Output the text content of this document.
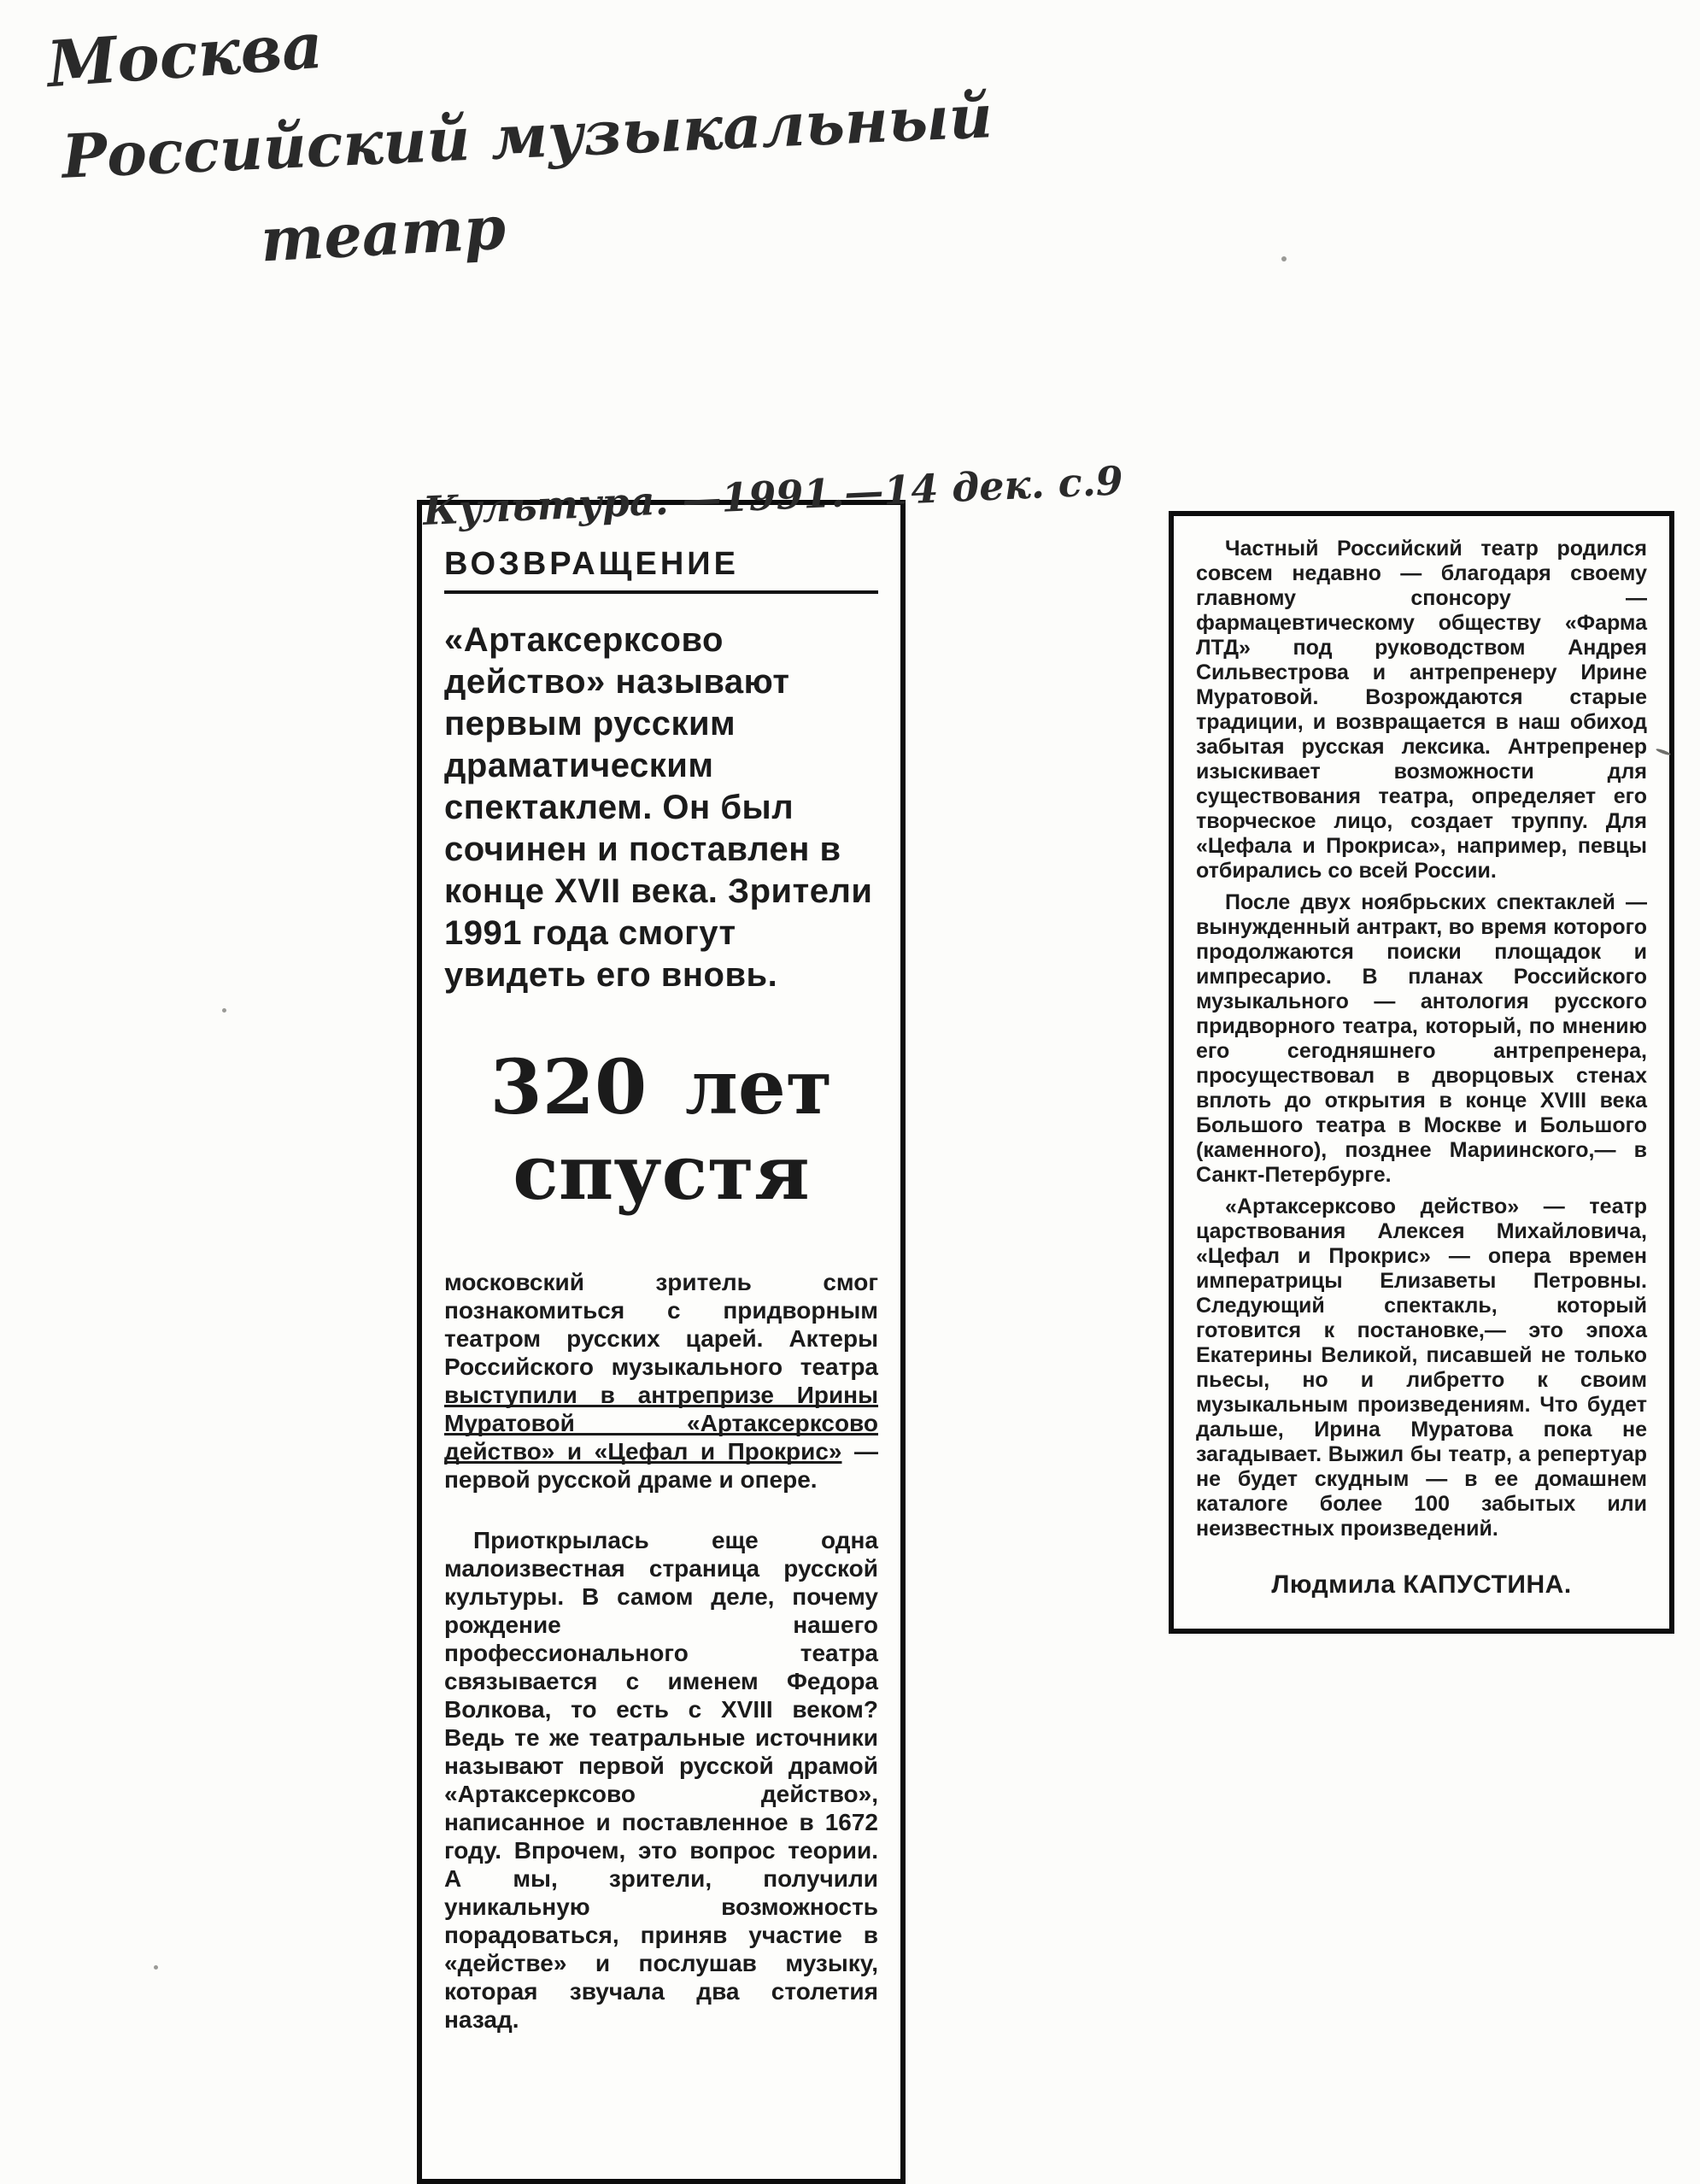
Москва
Российский музыкальный
театр
Культура. —1991.—14 дек. с.9
ВОЗВРАЩЕНИЕ

«Артаксерксово действо» называют первым русским драматическим спектаклем. Он был сочинен и поставлен в конце XVII века. Зрители 1991 года смогут увидеть его вновь.

320 лет спустя

московский зритель смог познакомиться с придворным театром русских царей. Актеры Российского музыкального театра выступили в антрепризе Ирины Муратовой «Артаксерксово действо» и «Цефал и Прокрис» — первой русской драме и опере.

Приоткрылась еще одна малоизвестная страница русской культуры. В самом деле, почему рождение нашего профессионального театра связывается с именем Федора Волкова, то есть с XVIII веком? Ведь те же театральные источники называют первой русской драмой «Артаксерксово действо», написанное и поставленное в 1672 году. Впрочем, это вопрос теории. А мы, зрители, получили уникальную возможность порадоваться, приняв участие в «действе» и послушав музыку, которая звучала два столетия назад.

Частный Российский театр родился совсем недавно — благодаря своему главному спонсору — фармацевтическому обществу «Фарма ЛТД» под руководством Андрея Сильвестрова и антрепренеру Ирине Муратовой. Возрождаются старые традиции, и возвращается в наш обиход забытая русская лексика. Антрепренер изыскивает возможности для существования театра, определяет его творческое лицо, создает труппу. Для «Цефала и Прокриса», например, певцы отбирались со всей России.

После двух ноябрьских спектаклей — вынужденный антракт, во время которого продолжаются поиски площадок и импресарио. В планах Российского музыкального — антология русского придворного театра, который, по мнению его сегодняшнего антрепренера, просуществовал в дворцовых стенах вплоть до открытия в конце XVIII века Большого театра в Москве и Большого (каменного), позднее Мариинского,— в Санкт-Петербурге.

«Артаксерксово действо» — театр царствования Алексея Михайловича, «Цефал и Прокрис» — опера времен императрицы Елизаветы Петровны. Следующий спектакль, который готовится к постановке,— это эпоха Екатерины Великой, писавшей не только пьесы, но и либретто к своим музыкальным произведениям. Что будет дальше, Ирина Муратова пока не загадывает. Выжил бы театр, а репертуар не будет скудным — в ее домашнем каталоге более 100 забытых или неизвестных произведений.

Людмила КАПУСТИНА.
